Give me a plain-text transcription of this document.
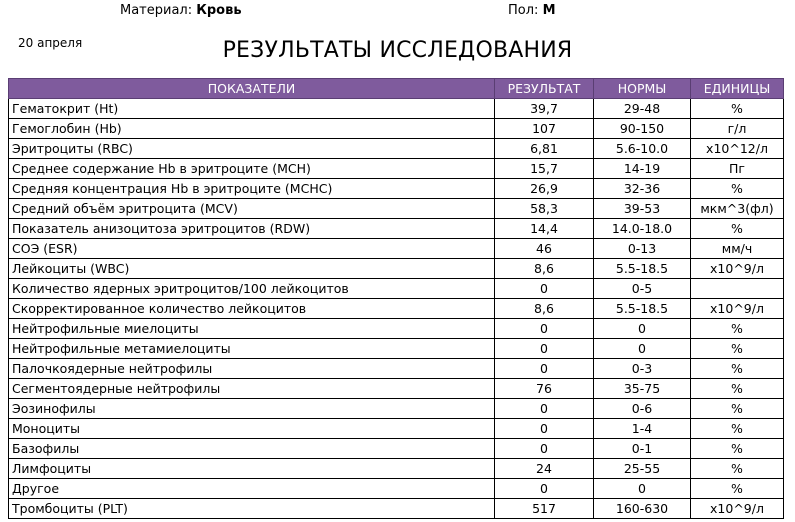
Материал: Кровь	Пол: М
20 апреля	РЕЗУЛЬТАТЫ ИССЛЕДОВАНИЯ
ПОКАЗАТЕЛИ	РЕЗУЛЬТАТ	НОРМЫ	ЕДИНИЦЫ
Гематокрит (Ht)	39,7	29-48	%
Гемоглобин (Hb)	107	90-150	г/л
Эритроциты (RBC)	6,81	5.6-10.0	x10^12/л
Среднее содержание Hb в эритроците (MCH)	15,7	14-19	Пг
Средняя концентрация Hb в эритроците (MCHC)	26,9	32-36	%
Средний объём эритроцита (MCV)	58,3	39-53	мкм^3(фл)
Показатель анизоцитоза эритроцитов (RDW)	14,4	14.0-18.0	%
СОЭ (ESR)	46	0-13	мм/ч
Лейкоциты (WBC)	8,6	5.5-18.5	x10^9/л
Количество ядерных эритроцитов/100 лейкоцитов	0	0-5	
Скорректированное количество лейкоцитов	8,6	5.5-18.5	x10^9/л
Нейтрофильные миелоциты	0	0	%
Нейтрофильные метамиелоциты	0	0	%
Палочкоядерные нейтрофилы	0	0-3	%
Сегментоядерные нейтрофилы	76	35-75	%
Эозинофилы	0	0-6	%
Моноциты	0	1-4	%
Базофилы	0	0-1	%
Лимфоциты	24	25-55	%
Другое	0	0	%
Тромбоциты (PLT)	517	160-630	x10^9/л
